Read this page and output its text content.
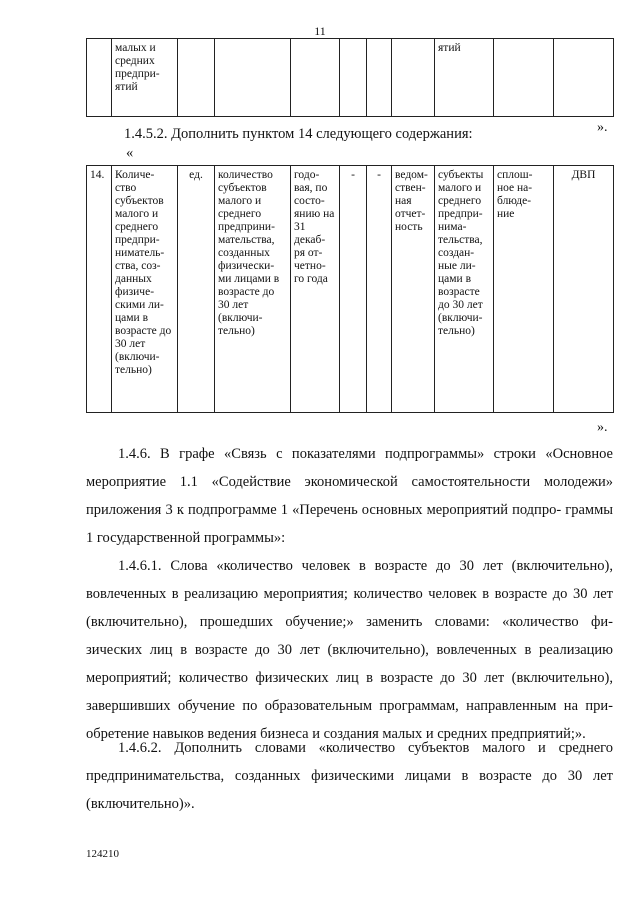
11
	малых и средних предпри- ятий							ятий		
».
1.4.5.2. Дополнить пунктом 14 следующего содержания:
«
14.	Количе- ство субъектов малого и среднего предпри- ниматель- ства, соз- данных физиче- скими ли- цами в возрасте до 30 лет (включи- тельно)	ед.	количество субъектов малого и среднего предприни- мательства, созданных физически- ми лицами в возрасте до 30 лет (включи- тельно)	годо- вая, по состо- янию на 31 декаб- ря от- четно- го года	-	-	ведом- ствен- ная отчет- ность	субъекты малого и среднего предпри- нима- тельства, создан- ные ли- цами в возрасте до 30 лет (включи- тельно)	сплош- ное на- блюде- ние	ДВП
».
1.4.6. В графе «Связь с показателями подпрограммы» строки «Основное мероприятие 1.1 «Содействие экономической самостоятельности молодежи» приложения 3 к подпрограмме 1 «Перечень основных мероприятий подпро- граммы 1 государственной программы»:
1.4.6.1. Слова «количество человек в возрасте до 30 лет (включительно), вовлеченных в реализацию мероприятия; количество человек в возрасте до 30 лет (включительно), прошедших обучение;» заменить словами: «количество фи- зических лиц в возрасте до 30 лет (включительно), вовлеченных в реализацию мероприятий; количество физических лиц в возрасте до 30 лет (включительно), завершивших обучение по образовательным программам, направленным на при- обретение навыков ведения бизнеса и создания малых и средних предприятий;».
1.4.6.2. Дополнить словами «количество субъектов малого и среднего предпринимательства, созданных физическими лицами в возрасте до 30 лет (включительно)».
124210
